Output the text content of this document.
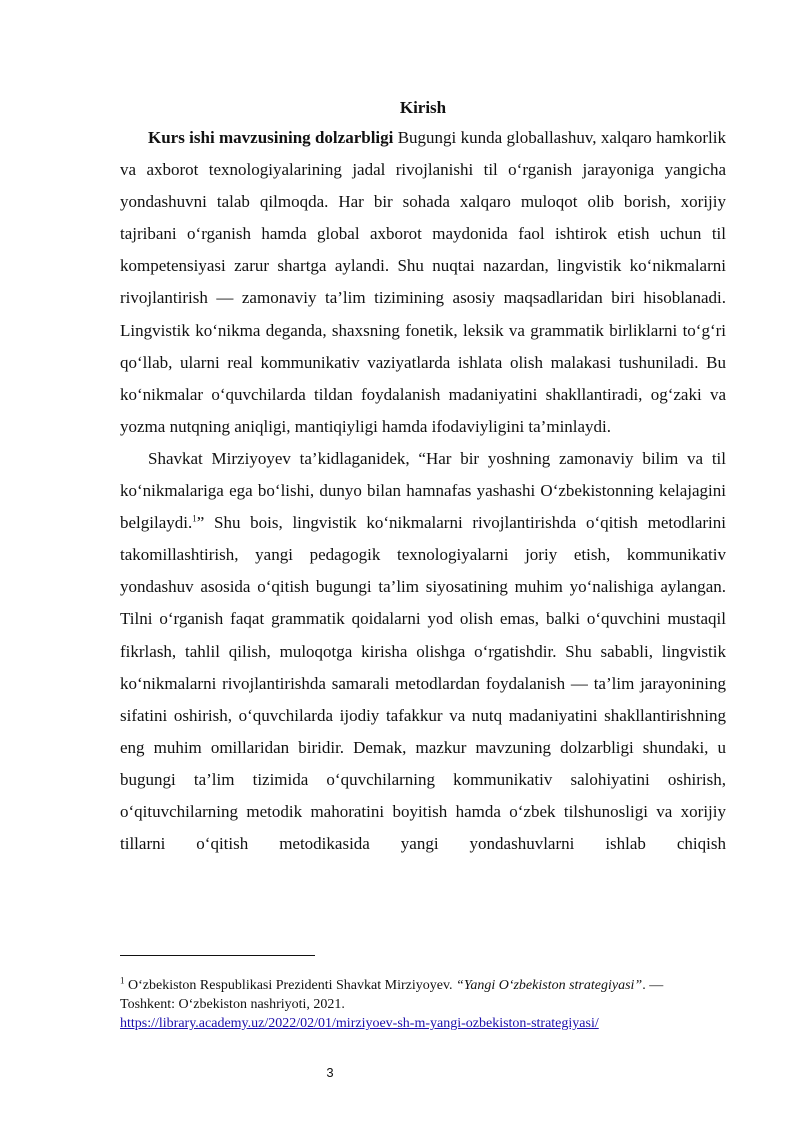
Kirish

Kurs ishi mavzusining dolzarbligi Bugungi kunda globallashuv, xalqaro hamkorlik va axborot texnologiyalarining jadal rivojlanishi til o‘rganish jarayoniga yangicha yondashuvni talab qilmoqda. Har bir sohada xalqaro muloqot olib borish, xorijiy tajribani o‘rganish hamda global axborot maydonida faol ishtirok etish uchun til kompetensiyasi zarur shartga aylandi. Shu nuqtai nazardan, lingvistik ko‘nikmalarni rivojlantirish — zamonaviy ta’lim tizimining asosiy maqsadlaridan biri hisoblanadi. Lingvistik ko‘nikma deganda, shaxsning fonetik, leksik va grammatik birliklarni to‘g‘ri qo‘llab, ularni real kommunikativ vaziyatlarda ishlata olish malakasi tushuniladi. Bu ko‘nikmalar o‘quvchilarda tildan foydalanish madaniyatini shakllantiradi, og‘zaki va yozma nutqning aniqligi, mantiqiyligi hamda ifodaviyligini ta’minlaydi.

Shavkat Mirziyoyev ta’kidlaganidek, “Har bir yoshning zamonaviy bilim va til ko‘nikmalariga ega bo‘lishi, dunyo bilan hamnafas yashashi O‘zbekistonning kelajagini belgilaydi.$^1$” Shu bois, lingvistik ko‘nikmalarni rivojlantirishda o‘qitish metodlarini takomillashtirish, yangi pedagogik texnologiyalarni joriy etish, kommunikativ yondashuv asosida o‘qitish bugungi ta’lim siyosatining muhim yo‘nalishiga aylangan. Tilni o‘rganish faqat grammatik qoidalarni yod olish emas, balki o‘quvchini mustaqil fikrlash, tahlil qilish, muloqotga kirisha olishga o‘rgatishdir. Shu sababli, lingvistik ko‘nikmalarni rivojlantirishda samarali metodlardan foydalanish — ta’lim jarayonining sifatini oshirish, o‘quvchilarda ijodiy tafakkur va nutq madaniyatini shakllantirishning eng muhim omillaridan biridir. Demak, mazkur mavzuning dolzarbligi shundaki, u bugungi ta’lim tizimida o‘quvchilarning kommunikativ salohiyatini oshirish, o‘qituvchilarning metodik mahoratini boyitish hamda o‘zbek tilshunosligi va xorijiy tillarni o‘qitish metodikasida yangi yondashuvlarni ishlab chiqish

$^1$ O‘zbekiston Respublikasi Prezidenti Shavkat Mirziyoyev. “Yangi O‘zbekiston strategiyasi”. — Toshkent: O‘zbekiston nashriyoti, 2021.
https://library.academy.uz/2022/02/01/mirziyoev-sh-m-yangi-ozbekiston-strategiyasi/

3
